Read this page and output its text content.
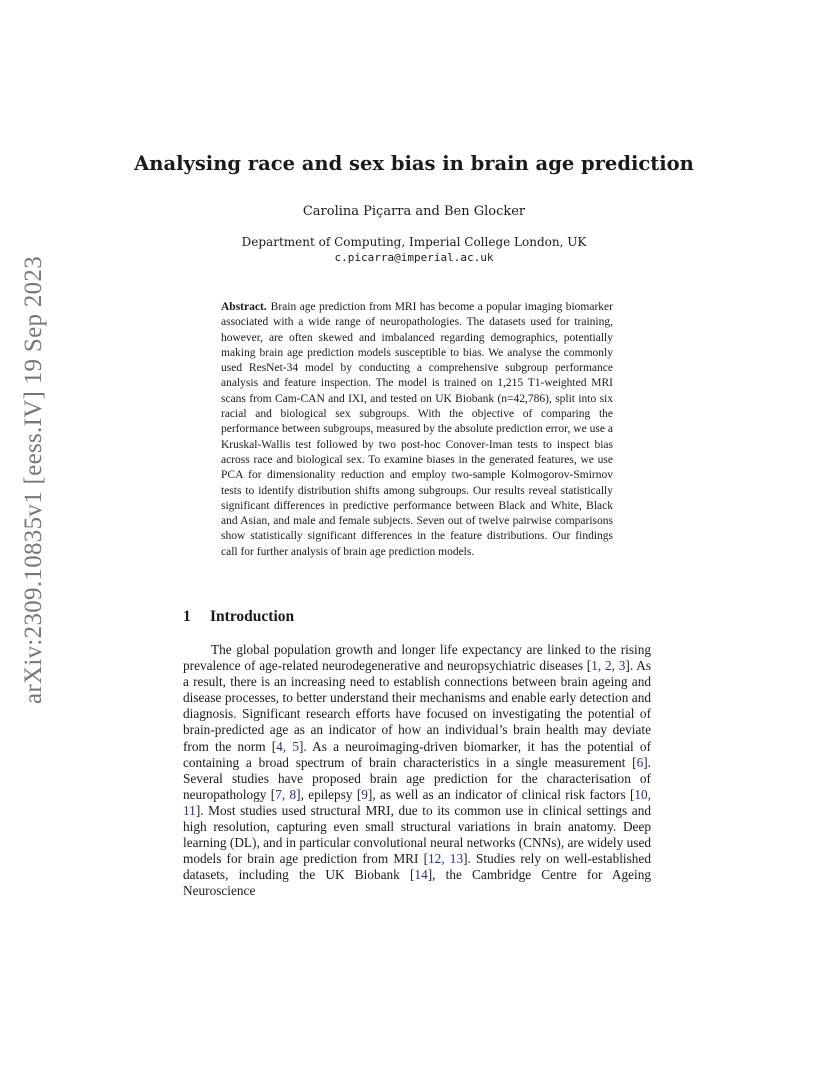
arXiv:2309.10835v1 [eess.IV] 19 Sep 2023
Analysing race and sex bias in brain age prediction
Carolina Piçarra and Ben Glocker
Department of Computing, Imperial College London, UK
c.picarra@imperial.ac.uk
Abstract. Brain age prediction from MRI has become a popular imaging biomarker associated with a wide range of neuropathologies. The datasets used for training, however, are often skewed and imbalanced regarding demographics, potentially making brain age prediction models susceptible to bias. We analyse the commonly used ResNet-34 model by conducting a comprehensive subgroup performance analysis and feature inspection. The model is trained on 1,215 T1-weighted MRI scans from Cam-CAN and IXI, and tested on UK Biobank (n=42,786), split into six racial and biological sex subgroups. With the objective of comparing the performance between subgroups, measured by the absolute prediction error, we use a Kruskal-Wallis test followed by two post-hoc Conover-Iman tests to inspect bias across race and biological sex. To examine biases in the generated features, we use PCA for dimensionality reduction and employ two-sample Kolmogorov-Smirnov tests to identify distribution shifts among subgroups. Our results reveal statistically significant differences in predictive performance between Black and White, Black and Asian, and male and female subjects. Seven out of twelve pairwise comparisons show statistically significant differences in the feature distributions. Our findings call for further analysis of brain age prediction models.
1 Introduction
The global population growth and longer life expectancy are linked to the rising prevalence of age-related neurodegenerative and neuropsychiatric diseases [1, 2, 3]. As a result, there is an increasing need to establish connections between brain ageing and disease processes, to better understand their mechanisms and enable early detection and diagnosis. Significant research efforts have focused on investigating the potential of brain-predicted age as an indicator of how an individual’s brain health may deviate from the norm [4, 5]. As a neuroimaging-driven biomarker, it has the potential of containing a broad spectrum of brain characteristics in a single measurement [6]. Several studies have proposed brain age prediction for the characterisation of neuropathology [7, 8], epilepsy [9], as well as an indicator of clinical risk factors [10, 11]. Most studies used structural MRI, due to its common use in clinical settings and high resolution, capturing even small structural variations in brain anatomy. Deep learning (DL), and in particular convolutional neural networks (CNNs), are widely used models for brain age prediction from MRI [12, 13]. Studies rely on well-established datasets, including the UK Biobank [14], the Cambridge Centre for Ageing Neuroscience
